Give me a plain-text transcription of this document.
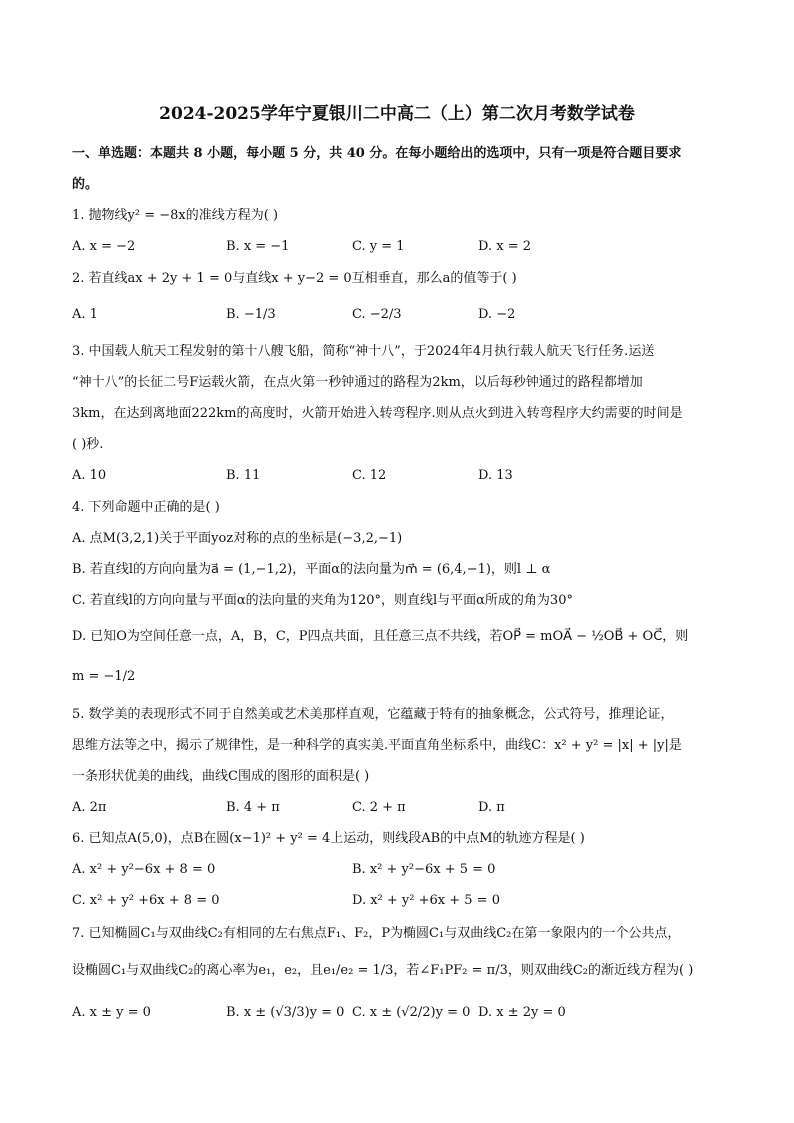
2024-2025学年宁夏银川二中高二（上）第二次月考数学试卷
一、单选题：本题共 8 小题，每小题 5 分，共 40 分。在每小题给出的选项中，只有一项是符合题目要求
的。
1. 抛物线y² = −8x的准线方程为( )
A. x = −2	B. x = −1	C. y = 1	D. x = 2
2. 若直线ax + 2y + 1 = 0与直线x + y−2 = 0互相垂直，那么a的值等于( )
A. 1	B. −1/3	C. −2/3	D. −2
3. 中国载人航天工程发射的第十八艘飞船，简称“神十八”，于2024年4月执行载人航天飞行任务.运送
“神十八”的长征二号F运载火箭，在点火第一秒钟通过的路程为2km，以后每秒钟通过的路程都增加
3km，在达到离地面222km的高度时，火箭开始进入转弯程序.则从点火到进入转弯程序大约需要的时间是
( )秒.
A. 10	B. 11	C. 12	D. 13
4. 下列命题中正确的是( )
A. 点M(3,2,1)关于平面yoz对称的点的坐标是(−3,2,−1)
B. 若直线l的方向向量为a⃗ = (1,−1,2)，平面α的法向量为m⃗ = (6,4,−1)，则l ⊥ α
C. 若直线l的方向向量与平面α的法向量的夹角为120°，则直线l与平面α所成的角为30°
D. 已知O为空间任意一点，A，B，C，P四点共面，且任意三点不共线，若OP⃗ = mOA⃗ − ½OB⃗ + OC⃗，则
m = −1/2
5. 数学美的表现形式不同于自然美或艺术美那样直观，它蕴藏于特有的抽象概念，公式符号，推理论证，
思维方法等之中，揭示了规律性，是一种科学的真实美.平面直角坐标系中，曲线C：x² + y² = |x| + |y|是
一条形状优美的曲线，曲线C围成的图形的面积是( )
A. 2π	B. 4 + π	C. 2 + π	D. π
6. 已知点A(5,0)，点B在圆(x−1)² + y² = 4上运动，则线段AB的中点M的轨迹方程是( )
A. x² + y²−6x + 8 = 0	B. x² + y²−6x + 5 = 0
C. x² + y² +6x + 8 = 0	D. x² + y² +6x + 5 = 0
7. 已知椭圆C₁与双曲线C₂有相同的左右焦点F₁、F₂，P为椭圆C₁与双曲线C₂在第一象限内的一个公共点，
设椭圆C₁与双曲线C₂的离心率为e₁，e₂，且e₁/e₂ = 1/3，若∠F₁PF₂ = π/3，则双曲线C₂的渐近线方程为( )
A. x ± y = 0	B. x ± (√3/3)y = 0 C. x ± (√2/2)y = 0 D. x ± 2y = 0
